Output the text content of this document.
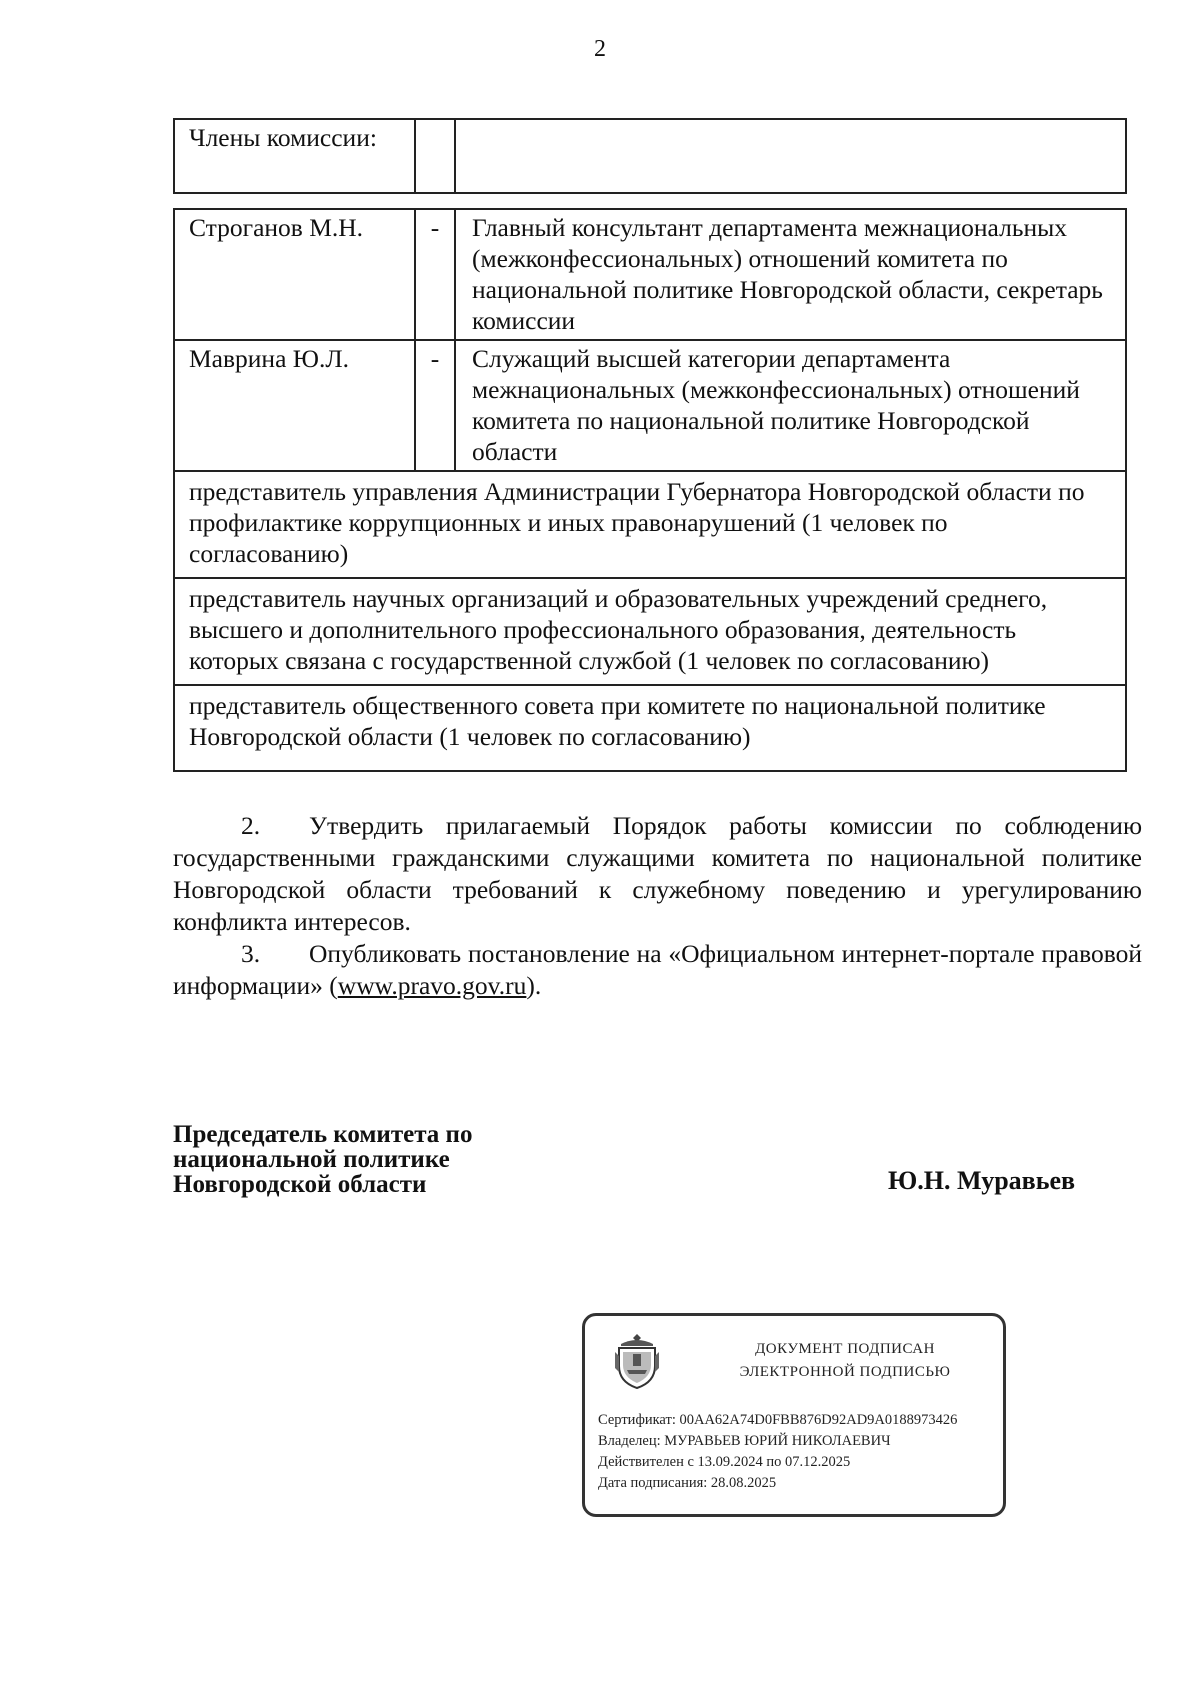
2
Члены комиссии:		
Строганов М.Н.	-	Главный консультант департамента межнациональных (межконфессиональных) отношений комитета по национальной политике Новгородской области, секретарь комиссии
Маврина Ю.Л.	-	Служащий высшей категории департамента межнациональных (межконфессиональных) отношений комитета по национальной политике Новгородской области
представитель управления Администрации Губернатора Новгородской области по профилактике коррупционных и иных правонарушений (1 человек по согласованию)		
представитель научных организаций и образовательных учреждений среднего, высшего и дополнительного профессионального образования, деятельность которых связана с государственной службой (1 человек по согласованию)		
представитель общественного совета при комитете по национальной политике Новгородской области (1 человек по согласованию)		
2. Утвердить прилагаемый Порядок работы комиссии по соблюдению государственными гражданскими служащими комитета по национальной политике Новгородской области требований к служебному поведению и урегулированию конфликта интересов.
3. Опубликовать постановление на «Официальном интернет-портале правовой информации» (www.pravo.gov.ru).
Председатель комитета по
национальной политике
Новгородской области	Ю.Н. Муравьев
ДОКУМЕНТ ПОДПИСАН
ЭЛЕКТРОННОЙ ПОДПИСЬЮ
Сертификат: 00AA62A74D0FBB876D92AD9A0188973426
Владелец: МУРАВЬЕВ ЮРИЙ НИКОЛАЕВИЧ
Действителен с 13.09.2024 по 07.12.2025
Дата подписания: 28.08.2025
